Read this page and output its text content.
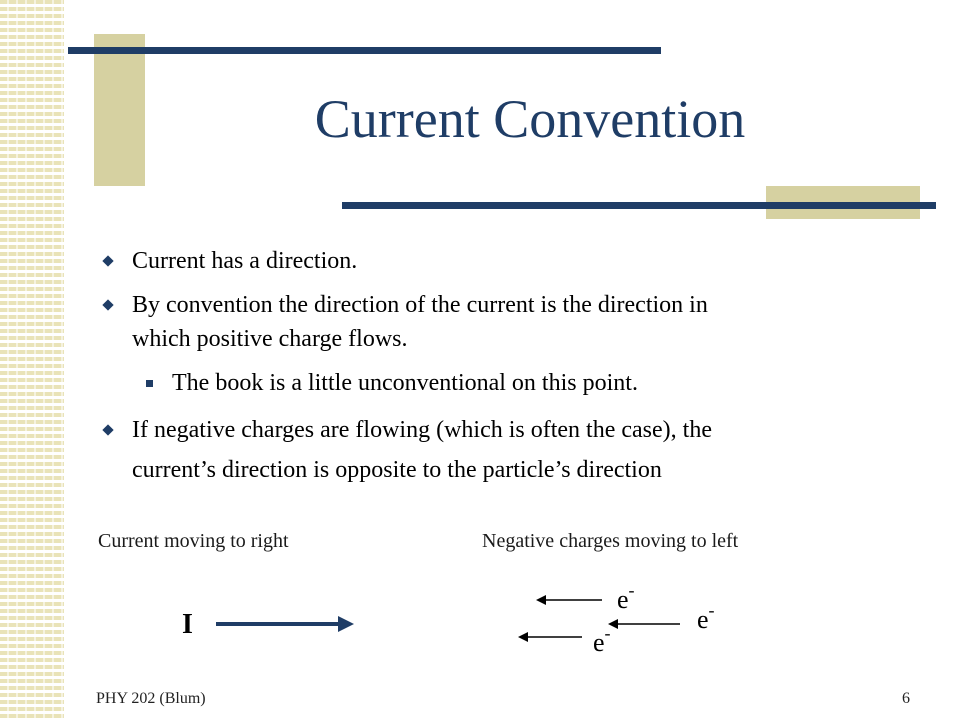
Current Convention
Current has a direction.
By convention the direction of the current is the direction in
which positive charge flows.
The book is a little unconventional on this point.
If negative charges are flowing (which is often the case), the
current’s direction is opposite to the particle’s direction
Current moving to right	Negative charges moving to left
I
e-
e-
e-
PHY 202 (Blum)	6
